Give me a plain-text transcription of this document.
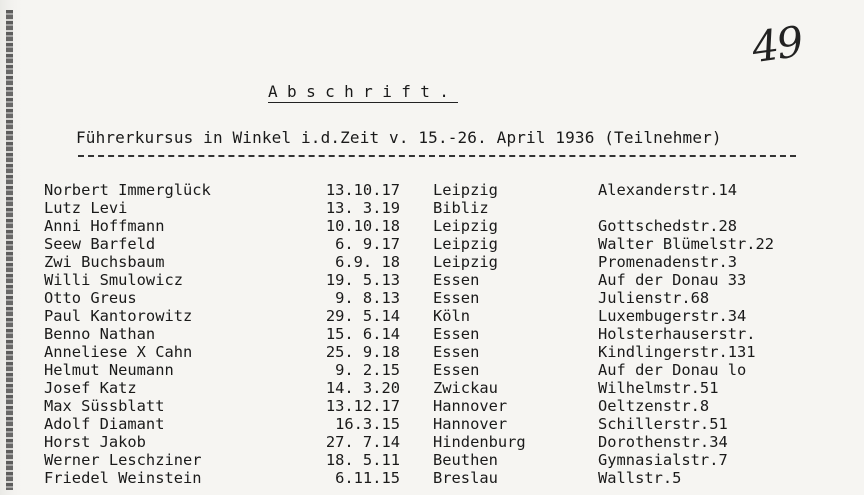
49
Abschrift.
Führerkursus in Winkel i.d.Zeit v. 15.-26. April 1936 (Teilnehmer)
Norbert Immerglück	13.10.17 Leipzig	Alexanderstr.14
Lutz Levi	13. 3.19 Bibliz
Anni Hoffmann	10.10.18 Leipzig	Gottschedstr.28
Seew Barfeld	6. 9.17 Leipzig	Walter Blümelstr.22
Zwi Buchsbaum	6.9. 18 Leipzig	Promenadenstr.3
Willi Smulowicz	19. 5.13 Essen	Auf der Donau 33
Otto Greus	9. 8.13 Essen	Julienstr.68
Paul Kantorowitz	29. 5.14 Köln	Luxembugerstr.34
Benno Nathan	15. 6.14 Essen	Holsterhauserstr.
Anneliese X Cahn	25. 9.18 Essen	Kindlingerstr.131
Helmut Neumann	9. 2.15 Essen	Auf der Donau lo
Josef Katz	14. 3.20 Zwickau	Wilhelmstr.51
Max Süssblatt	13.12.17 Hannover	Oeltzenstr.8
Adolf Diamant	16.3.15 Hannover	Schillerstr.51
Horst Jakob	27. 7.14 Hindenburg	Dorothenstr.34
Werner Leschziner	18. 5.11 Beuthen	Gymnasialstr.7
Friedel Weinstein	6.11.15 Breslau	Wallstr.5
